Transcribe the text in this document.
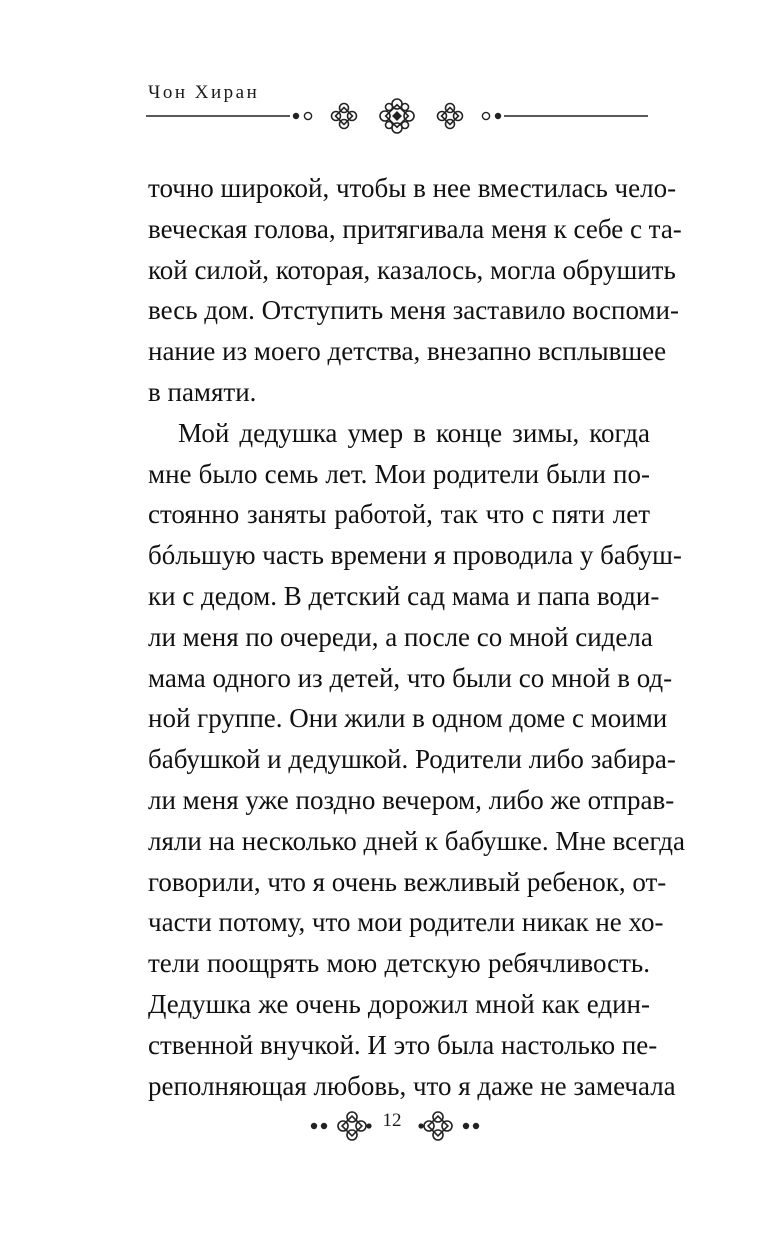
Чон Хиран
точно широкой, чтобы в нее вместилась чело-
веческая голова, притягивала меня к себе с та-
кой силой, которая, казалось, могла обрушить
весь дом. Отступить меня заставило воспоми-
нание из моего детства, внезапно всплывшее
в памяти.
Мой дедушка умер в конце зимы, когда
мне было семь лет. Мои родители были по-
стоянно заняты работой, так что с пяти лет
бóльшую часть времени я проводила у бабуш-
ки с дедом. В детский сад мама и папа води-
ли меня по очереди, а после со мной сидела
мама одного из детей, что были со мной в од-
ной группе. Они жили в одном доме с моими
бабушкой и дедушкой. Родители либо забира-
ли меня уже поздно вечером, либо же отправ-
ляли на несколько дней к бабушке. Мне всегда
говорили, что я очень вежливый ребенок, от-
части потому, что мои родители никак не хо-
тели поощрять мою детскую ребячливость.
Дедушка же очень дорожил мной как един-
ственной внучкой. И это была настолько пе-
реполняющая любовь, что я даже не замечала
12
